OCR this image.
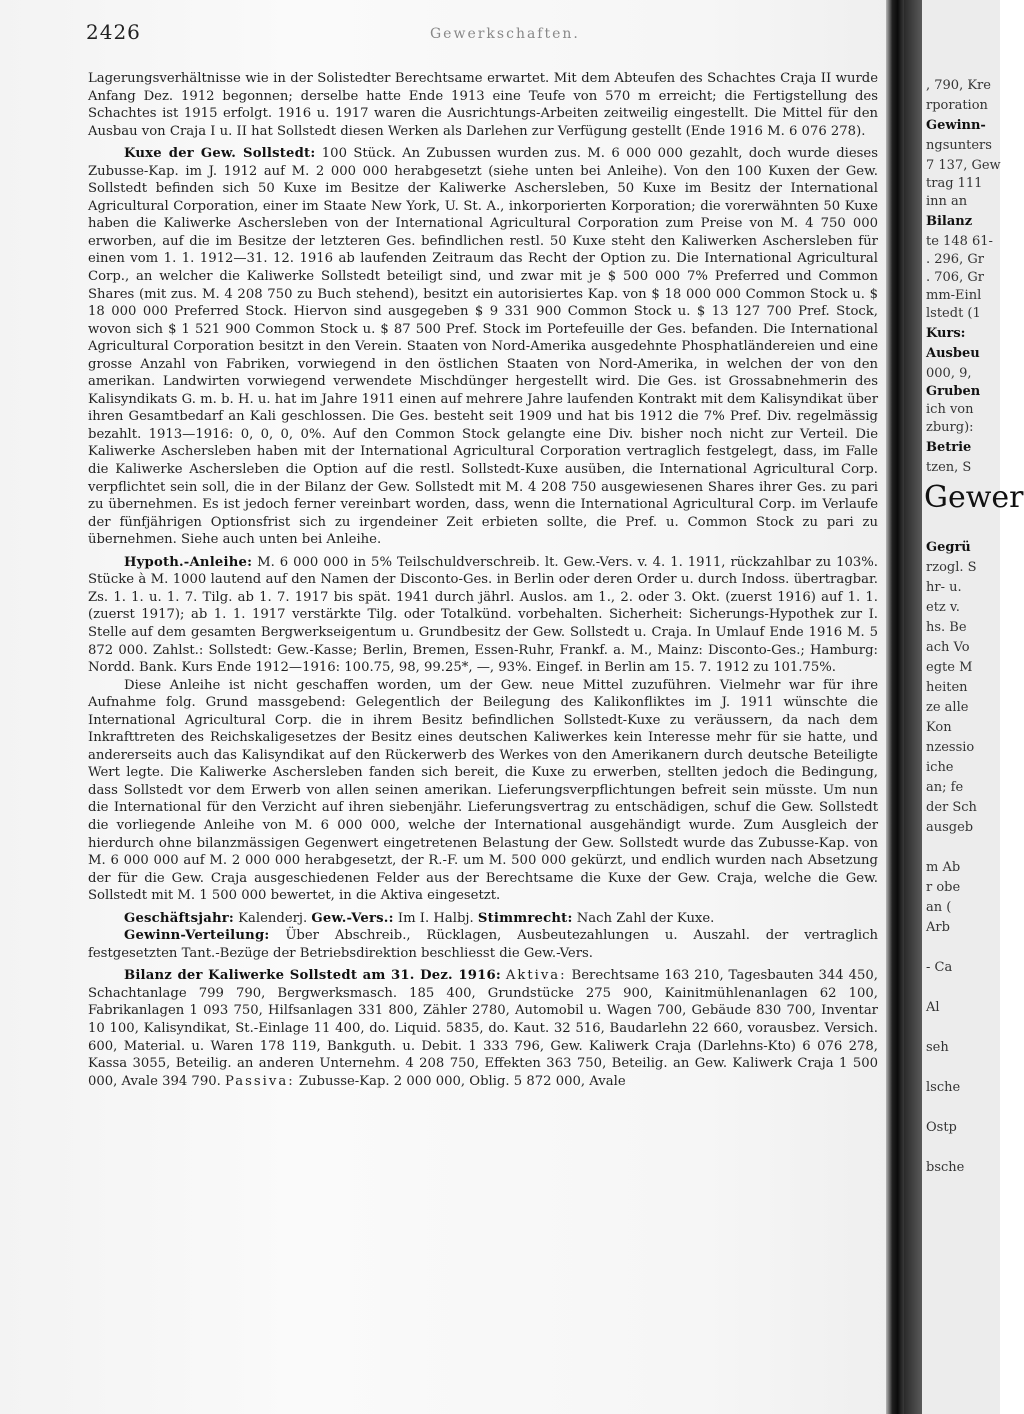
2426	Gewerkschaften.

Lagerungsverhältnisse wie in der Solistedter Berechtsame erwartet. Mit dem Abteufen des Schachtes Craja II wurde Anfang Dez. 1912 begonnen; derselbe hatte Ende 1913 eine Teufe von 570 m erreicht; die Fertigstellung des Schachtes ist 1915 erfolgt. 1916 u. 1917 waren die Ausrichtungs-Arbeiten zeitweilig eingestellt. Die Mittel für den Ausbau von Craja I u. II hat Sollstedt diesen Werken als Darlehen zur Verfügung gestellt (Ende 1916 M. 6 076 278).

Kuxe der Gew. Sollstedt: 100 Stück. An Zubussen wurden zus. M. 6 000 000 gezahlt, doch wurde dieses Zubusse-Kap. im J. 1912 auf M. 2 000 000 herabgesetzt (siehe unten bei Anleihe). Von den 100 Kuxen der Gew. Sollstedt befinden sich 50 Kuxe im Besitze der Kaliwerke Aschersleben, 50 Kuxe im Besitz der International Agricultural Corporation, einer im Staate New York, U. St. A., inkorporierten Korporation; die vorerwähnten 50 Kuxe haben die Kaliwerke Aschersleben von der International Agricultural Corporation zum Preise von M. 4 750 000 erworben, auf die im Besitze der letzteren Ges. befindlichen restl. 50 Kuxe steht den Kaliwerken Aschersleben für einen vom 1. 1. 1912—31. 12. 1916 ab laufenden Zeitraum das Recht der Option zu. Die International Agricultural Corp., an welcher die Kaliwerke Sollstedt beteiligt sind, und zwar mit je $ 500 000 7% Preferred und Common Shares (mit zus. M. 4 208 750 zu Buch stehend), besitzt ein autorisiertes Kap. von $ 18 000 000 Common Stock u. $ 18 000 000 Preferred Stock. Hiervon sind ausgegeben $ 9 331 900 Common Stock u. $ 13 127 700 Pref. Stock, wovon sich $ 1 521 900 Common Stock u. $ 87 500 Pref. Stock im Portefeuille der Ges. befanden. Die International Agricultural Corporation besitzt in den Verein. Staaten von Nord-Amerika ausgedehnte Phosphatländereien und eine grosse Anzahl von Fabriken, vorwiegend in den östlichen Staaten von Nord-Amerika, in welchen der von den amerikan. Landwirten vorwiegend verwendete Mischdünger hergestellt wird. Die Ges. ist Grossabnehmerin des Kalisyndikats G. m. b. H. u. hat im Jahre 1911 einen auf mehrere Jahre laufenden Kontrakt mit dem Kalisyndikat über ihren Gesamtbedarf an Kali geschlossen. Die Ges. besteht seit 1909 und hat bis 1912 die 7% Pref. Div. regelmässig bezahlt. 1913—1916: 0, 0, 0, 0%. Auf den Common Stock gelangte eine Div. bisher noch nicht zur Verteil. Die Kaliwerke Aschersleben haben mit der International Agricultural Corporation vertraglich festgelegt, dass, im Falle die Kaliwerke Aschersleben die Option auf die restl. Sollstedt-Kuxe ausüben, die International Agricultural Corp. verpflichtet sein soll, die in der Bilanz der Gew. Sollstedt mit M. 4 208 750 ausgewiesenen Shares ihrer Ges. zu pari zu übernehmen. Es ist jedoch ferner vereinbart worden, dass, wenn die International Agricultural Corp. im Verlaufe der fünfjährigen Optionsfrist sich zu irgendeiner Zeit erbieten sollte, die Pref. u. Common Stock zu pari zu übernehmen. Siehe auch unten bei Anleihe.

Hypoth.-Anleihe: M. 6 000 000 in 5% Teilschuldverschreib. lt. Gew.-Vers. v. 4. 1. 1911, rückzahlbar zu 103%. Stücke à M. 1000 lautend auf den Namen der Disconto-Ges. in Berlin oder deren Order u. durch Indoss. übertragbar. Zs. 1. 1. u. 1. 7. Tilg. ab 1. 7. 1917 bis spät. 1941 durch jährl. Auslos. am 1., 2. oder 3. Okt. (zuerst 1916) auf 1. 1. (zuerst 1917); ab 1. 1. 1917 verstärkte Tilg. oder Totalkünd. vorbehalten. Sicherheit: Sicherungs-Hypothek zur I. Stelle auf dem gesamten Bergwerkseigentum u. Grundbesitz der Gew. Sollstedt u. Craja. In Umlauf Ende 1916 M. 5 872 000. Zahlst.: Sollstedt: Gew.-Kasse; Berlin, Bremen, Essen-Ruhr, Frankf. a. M., Mainz: Disconto-Ges.; Hamburg: Nordd. Bank. Kurs Ende 1912—1916: 100.75, 98, 99.25*, —, 93%. Eingef. in Berlin am 15. 7. 1912 zu 101.75%.

Diese Anleihe ist nicht geschaffen worden, um der Gew. neue Mittel zuzuführen. Vielmehr war für ihre Aufnahme folg. Grund massgebend: Gelegentlich der Beilegung des Kalikonfliktes im J. 1911 wünschte die International Agricultural Corp. die in ihrem Besitz befindlichen Sollstedt-Kuxe zu veräussern, da nach dem Inkrafttreten des Reichskaligesetzes der Besitz eines deutschen Kaliwerkes kein Interesse mehr für sie hatte, und andererseits auch das Kalisyndikat auf den Rückerwerb des Werkes von den Amerikanern durch deutsche Beteiligte Wert legte. Die Kaliwerke Aschersleben fanden sich bereit, die Kuxe zu erwerben, stellten jedoch die Bedingung, dass Sollstedt vor dem Erwerb von allen seinen amerikan. Lieferungsverpflichtungen befreit sein müsste. Um nun die International für den Verzicht auf ihren siebenjähr. Lieferungsvertrag zu entschädigen, schuf die Gew. Sollstedt die vorliegende Anleihe von M. 6 000 000, welche der International ausgehändigt wurde. Zum Ausgleich der hierdurch ohne bilanzmässigen Gegenwert eingetretenen Belastung der Gew. Sollstedt wurde das Zubusse-Kap. von M. 6 000 000 auf M. 2 000 000 herabgesetzt, der R.-F. um M. 500 000 gekürzt, und endlich wurden nach Absetzung der für die Gew. Craja ausgeschiedenen Felder aus der Berechtsame die Kuxe der Gew. Craja, welche die Gew. Sollstedt mit M. 1 500 000 bewertet, in die Aktiva eingesetzt.

Geschäftsjahr: Kalenderj. Gew.-Vers.: Im I. Halbj. Stimmrecht: Nach Zahl der Kuxe.

Gewinn-Verteilung: Über Abschreib., Rücklagen, Ausbeutezahlungen u. Auszahl. der vertraglich festgesetzten Tant.-Bezüge der Betriebsdirektion beschliesst die Gew.-Vers.

Bilanz der Kaliwerke Sollstedt am 31. Dez. 1916: Aktiva: Berechtsame 163 210, Tagesbauten 344 450, Schachtanlage 799 790, Bergwerksmasch. 185 400, Grundstücke 275 900, Kainitmühlenanlagen 62 100, Fabrikanlagen 1 093 750, Hilfsanlagen 331 800, Zähler 2780, Automobil u. Wagen 700, Gebäude 830 700, Inventar 10 100, Kalisyndikat, St.-Einlage 11 400, do. Liquid. 5835, do. Kaut. 32 516, Baudarlehn 22 660, vorausbez. Versich. 600, Material. u. Waren 178 119, Bankguth. u. Debit. 1 333 796, Gew. Kaliwerk Craja (Darlehns-Kto) 6 076 278, Kassa 3055, Beteilig. an anderen Unternehm. 4 208 750, Effekten 363 750, Beteilig. an Gew. Kaliwerk Craja 1 500 000, Avale 394 790. Passiva: Zubusse-Kap. 2 000 000, Oblig. 5 872 000, Avale

, 790, Kre
rporation
Gewinn-
ngsunters
7 137, Gew
trag 111
inn an
Bilanz
te 148 61-
. 296, Gr
. 706, Gr
mm-Einl
lstedt (1
Kurs:
Ausbeu
000, 9,
Gruben
ich von
zburg):
Betrie
tzen, S
Gewer
Gegrü
rzogl. S
hr- u.
etz v.
hs. Be
ach Vo
egte M
heiten
ze alle
Kon
nzessio
iche
an; fe
der Sch
ausgeb
m Ab
r obe
an (
Arb
- Ca
Al
seh
lsche
Ostp
bsche
